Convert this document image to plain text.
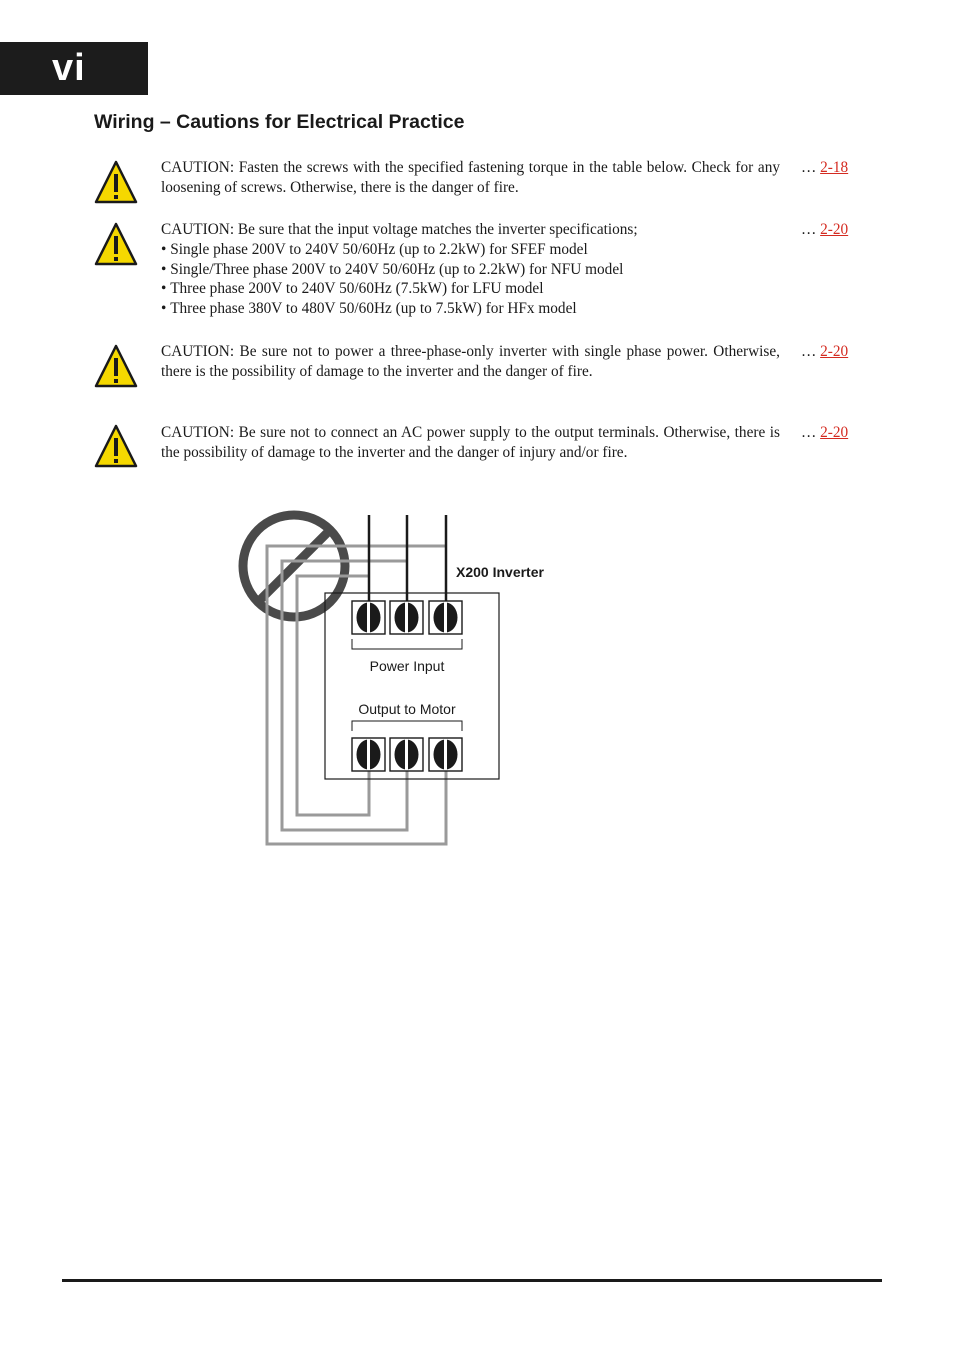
vi
Wiring – Cautions for Electrical Practice

CAUTION: Fasten the screws with the specified fastening torque in the table below. Check for any loosening of screws. Otherwise, there is the danger of fire.

… 2-18

CAUTION: Be sure that the input voltage matches the inverter specifications;

• Single phase 200V to 240V 50/60Hz (up to 2.2kW) for SFEF model
• Single/Three phase 200V to 240V 50/60Hz (up to 2.2kW) for NFU model
• Three phase 200V to 240V 50/60Hz (7.5kW) for LFU model
• Three phase 380V to 480V 50/60Hz (up to 7.5kW) for HFx model
… 2-20

CAUTION: Be sure not to power a three-phase-only inverter with single phase power. Otherwise, there is the possibility of damage to the inverter and the danger of fire.

… 2-20

CAUTION: Be sure not to connect an AC power supply to the output terminals. Otherwise, there is the possibility of damage to the inverter and the danger of injury and/or fire.

… 2-20
X200 Inverter
Power Input
Output to Motor
